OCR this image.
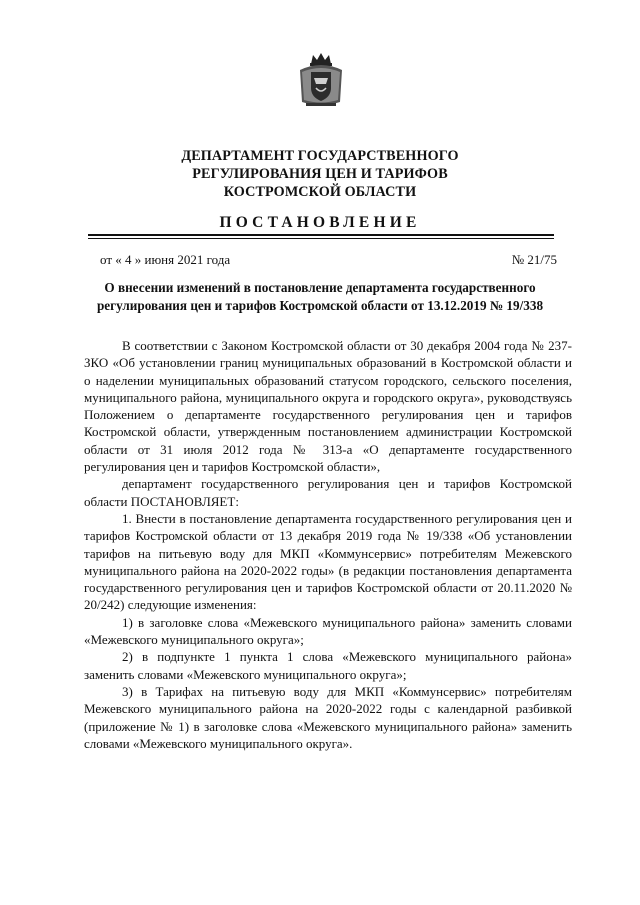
ДЕПАРТАМЕНТ ГОСУДАРСТВЕННОГО
РЕГУЛИРОВАНИЯ ЦЕН И ТАРИФОВ
КОСТРОМСКОЙ ОБЛАСТИ
ПОСТАНОВЛЕНИЕ
от « 4 » июня 2021 года	№ 21/75
О внесении изменений в постановление департамента государственного
регулирования цен и тарифов Костромской области от 13.12.2019 № 19/338

В соответствии с Законом Костромской области от 30 декабря 2004 года № 237-ЗКО «Об установлении границ муниципальных образований в Костромской области и о наделении муниципальных образований статусом городского, сельского поселения, муниципального района, муниципального округа и городского округа», руководствуясь Положением о департаменте государственного регулирования цен и тарифов Костромской области, утвержденным постановлением администрации Костромской области от 31 июля 2012 года № 313-а «О департаменте государственного регулирования цен и тарифов Костромской области»,

департамент государственного регулирования цен и тарифов Костромской области ПОСТАНОВЛЯЕТ:

1. Внести в постановление департамента государственного регулирования цен и тарифов Костромской области от 13 декабря 2019 года № 19/338 «Об установлении тарифов на питьевую воду для МКП «Коммунсервис» потребителям Межевского муниципального района на 2020-2022 годы» (в редакции постановления департамента государственного регулирования цен и тарифов Костромской области от 20.11.2020 № 20/242) следующие изменения:

1) в заголовке слова «Межевского муниципального района» заменить словами «Межевского муниципального округа»;

2) в подпункте 1 пункта 1 слова «Межевского муниципального района» заменить словами «Межевского муниципального округа»;

3) в Тарифах на питьевую воду для МКП «Коммунсервис» потребителям Межевского муниципального района на 2020-2022 годы с календарной разбивкой (приложение № 1) в заголовке слова «Межевского муниципального района» заменить словами «Межевского муниципального округа».
